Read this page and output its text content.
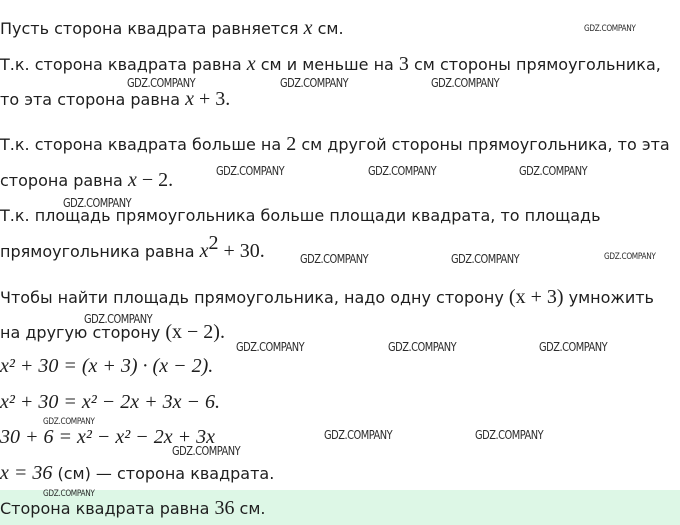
Пусть сторона квадрата равняется x см.
Т.к. сторона квадрата равна x см и меньше на 3 см стороны прямоугольника,
то эта сторона равна x + 3.
Т.к. сторона квадрата больше на 2 см другой стороны прямоугольника, то эта
сторона равна x − 2.
Т.к. площадь прямоугольника больше площади квадрата, то площадь
прямоугольника равна $x^2 + 30$.
Чтобы найти площадь прямоугольника, надо одну сторону (x + 3) умножить
на другую сторону (x − 2).
x² + 30 = (x + 3) · (x − 2).
x² + 30 = x² − 2x + 3x − 6.
30 + 6 = x² − x² − 2x + 3x
x = 36 (см) — сторона квадрата.
Сторона квадрата равна 36 см.
GDZ.COMPANY
GDZ.COMPANY	GDZ.COMPANY	GDZ.COMPANY
GDZ.COMPANY	GDZ.COMPANY	GDZ.COMPANY
GDZ.COMPANY
GDZ.COMPANY	GDZ.COMPANY	GDZ.COMPANY
GDZ.COMPANY
GDZ.COMPANY	GDZ.COMPANY	GDZ.COMPANY
GDZ.COMPANY
GDZ.COMPANY	GDZ.COMPANY
GDZ.COMPANY
GDZ.COMPANY
